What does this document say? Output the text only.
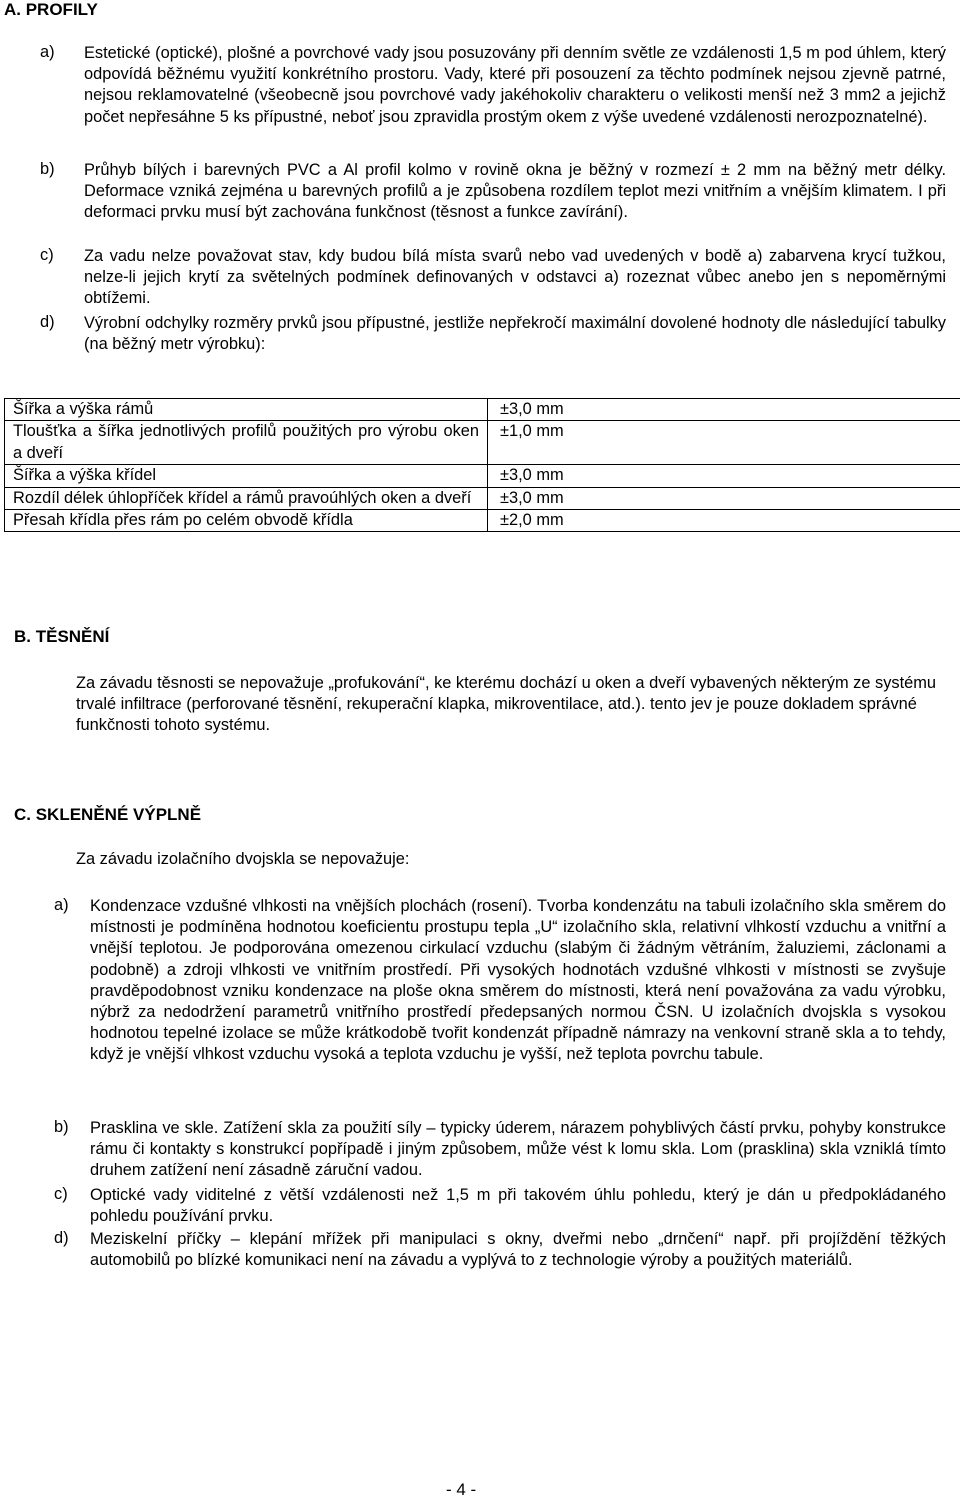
A. PROFILY
a) Estetické (optické), plošné a povrchové vady jsou posuzovány při denním světle ze vzdálenosti 1,5 m pod úhlem, který odpovídá běžnému využití konkrétního prostoru. Vady, které při posouzení za těchto podmínek nejsou zjevně patrné, nejsou reklamovatelné (všeobecně jsou povrchové vady jakéhokoliv charakteru o velikosti menší než 3 mm2 a jejichž počet nepřesáhne 5 ks přípustné, neboť jsou zpravidla prostým okem z výše uvedené vzdálenosti nerozpoznatelné).
b) Průhyb bílých i barevných PVC a Al profil kolmo v rovině okna je běžný v rozmezí ± 2 mm na běžný metr délky. Deformace vzniká zejména u barevných profilů a je způsobena rozdílem teplot mezi vnitřním a vnějším klimatem. I při deformaci prvku musí být zachována funkčnost (těsnost a funkce zavírání).
c) Za vadu nelze považovat stav, kdy budou bílá místa svarů nebo vad uvedených v bodě a) zabarvena krycí tužkou, nelze-li jejich krytí za světelných podmínek definovaných v odstavci a) rozeznat vůbec anebo jen s nepoměrnými obtížemi.
d) Výrobní odchylky rozměry prvků jsou přípustné, jestliže nepřekročí maximální dovolené hodnoty dle následující tabulky (na běžný metr výrobku):
Šířka a výška rámů	±3,0 mm
Tloušťka a šířka jednotlivých profilů použitých pro výrobu oken a dveří	±1,0 mm
Šířka a výška křídel	±3,0 mm
Rozdíl délek úhlopříček křídel a rámů pravoúhlých oken a dveří	±3,0 mm
Přesah křídla přes rám po celém obvodě křídla	±2,0 mm
B. TĚSNĚNÍ
Za závadu těsnosti se nepovažuje „profukování“, ke kterému dochází u oken a dveří vybavených některým ze systému trvalé infiltrace (perforované těsnění, rekuperační klapka, mikroventilace, atd.). tento jev je pouze dokladem správné funkčnosti tohoto systému.
C. SKLENĚNÉ VÝPLNĚ
Za závadu izolačního dvojskla se nepovažuje:
a) Kondenzace vzdušné vlhkosti na vnějších plochách (rosení). Tvorba kondenzátu na tabuli izolačního skla směrem do místnosti je podmíněna hodnotou koeficientu prostupu tepla „U“ izolačního skla, relativní vlhkostí vzduchu a vnitřní a vnější teplotou. Je podporována omezenou cirkulací vzduchu (slabým či žádným větráním, žaluziemi, záclonami a podobně) a zdroji vlhkosti ve vnitřním prostředí. Při vysokých hodnotách vzdušné vlhkosti v místnosti se zvyšuje pravděpodobnost vzniku kondenzace na ploše okna směrem do místnosti, která není považována za vadu výrobku, nýbrž za nedodržení parametrů vnitřního prostředí předepsaných normou ČSN. U izolačních dvojskla s vysokou hodnotou tepelné izolace se může krátkodobě tvořit kondenzát případně námrazy na venkovní straně skla a to tehdy, když je vnější vlhkost vzduchu vysoká a teplota vzduchu je vyšší, než teplota povrchu tabule.
b) Prasklina ve skle. Zatížení skla za použití síly – typicky úderem, nárazem pohyblivých částí prvku, pohyby konstrukce rámu či kontakty s konstrukcí popřípadě i jiným způsobem, může vést k lomu skla. Lom (prasklina) skla vzniklá tímto druhem zatížení není zásadně záruční vadou.
c) Optické vady viditelné z větší vzdálenosti než 1,5 m při takovém úhlu pohledu, který je dán u předpokládaného pohledu používání prvku.
d) Meziskelní příčky – klepání mřížek při manipulaci s okny, dveřmi nebo „drnčení“ např. při projíždění těžkých automobilů po blízké komunikaci není na závadu a vyplývá to z technologie výroby a použitých materiálů.
- 4 -
